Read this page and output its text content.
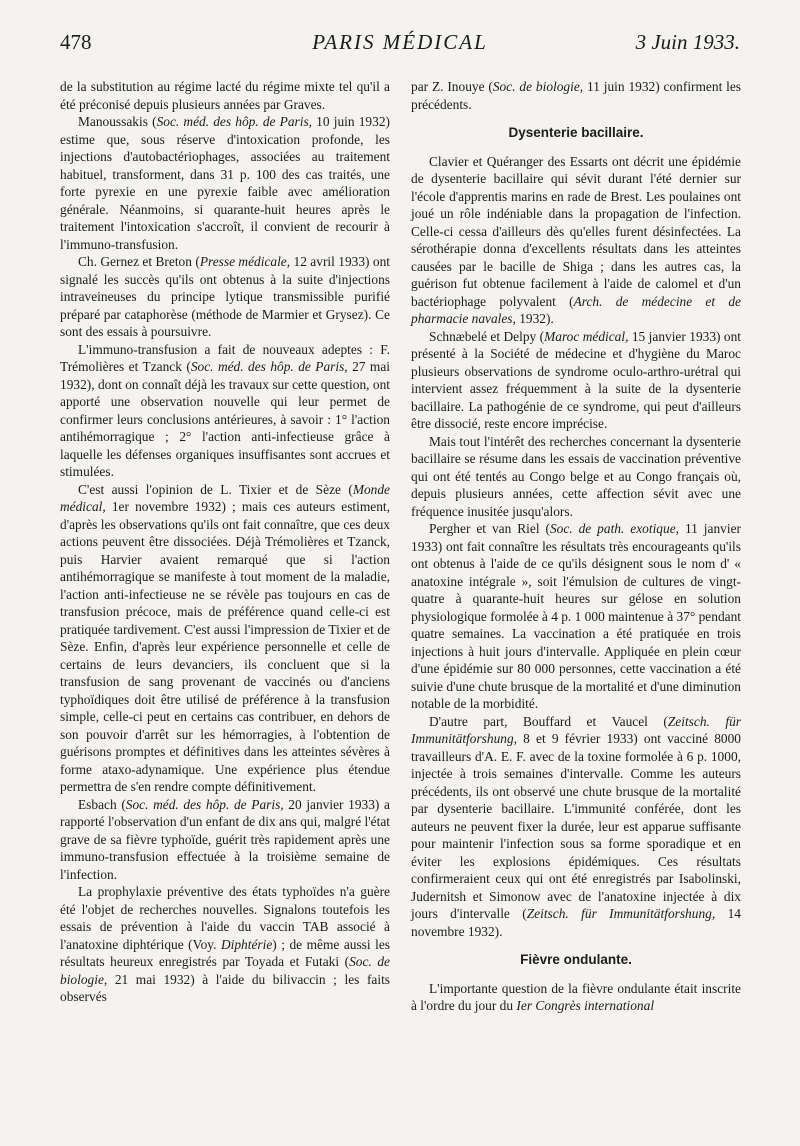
478	PARIS MÉDICAL	3 Juin 1933.

de la substitution au régime lacté du régime mixte tel qu'il a été préconisé depuis plusieurs années par Graves.

Manoussakis (Soc. méd. des hôp. de Paris, 10 juin 1932) estime que, sous réserve d'intoxication profonde, les injections d'autobactériophages, associées au traitement habituel, transforment, dans 31 p. 100 des cas traités, une forte pyrexie en une pyrexie faible avec amélioration générale. Néanmoins, si quarante-huit heures après le traitement l'intoxication s'accroît, il convient de recourir à l'immuno-transfusion.

Ch. Gernez et Breton (Presse médicale, 12 avril 1933) ont signalé les succès qu'ils ont obtenus à la suite d'injections intraveineuses du principe lytique transmissible purifié préparé par cataphorèse (méthode de Marmier et Grysez). Ce sont des essais à poursuivre.

L'immuno-transfusion a fait de nouveaux adeptes : F. Trémolières et Tzanck (Soc. méd. des hôp. de Paris, 27 mai 1932), dont on connaît déjà les travaux sur cette question, ont apporté une observation nouvelle qui leur permet de confirmer leurs conclusions antérieures, à savoir : 1° l'action antihémorragique ; 2° l'action anti-infectieuse grâce à laquelle les défenses organiques insuffisantes sont accrues et stimulées.

C'est aussi l'opinion de L. Tixier et de Sèze (Monde médical, 1er novembre 1932) ; mais ces auteurs estiment, d'après les observations qu'ils ont fait connaître, que ces deux actions peuvent être dissociées. Déjà Trémolières et Tzanck, puis Harvier avaient remarqué que si l'action antihémorragique se manifeste à tout moment de la maladie, l'action anti-infectieuse ne se révèle pas toujours en cas de transfusion précoce, mais de préférence quand celle-ci est pratiquée tardivement. C'est aussi l'impression de Tixier et de Sèze. Enfin, d'après leur expérience personnelle et celle de certains de leurs devanciers, ils concluent que si la transfusion de sang provenant de vaccinés ou d'anciens typhoïdiques doit être utilisé de préférence à la transfusion simple, celle-ci peut en certains cas contribuer, en dehors de son pouvoir d'arrêt sur les hémorragies, à l'obtention de guérisons promptes et définitives dans les atteintes sévères à forme ataxo-adynamique. Une expérience plus étendue permettra de s'en rendre compte définitivement.

Esbach (Soc. méd. des hôp. de Paris, 20 janvier 1933) a rapporté l'observation d'un enfant de dix ans qui, malgré l'état grave de sa fièvre typhoïde, guérit très rapidement après une immuno-transfusion effectuée à la troisième semaine de l'infection.

La prophylaxie préventive des états typhoïdes n'a guère été l'objet de recherches nouvelles. Signalons toutefois les essais de prévention à l'aide du vaccin TAB associé à l'anatoxine diphtérique (Voy. Diphtérie) ; de même aussi les résultats heureux enregistrés par Toyada et Futaki (Soc. de biologie, 21 mai 1932) à l'aide du bilivaccin ; les faits observés

par Z. Inouye (Soc. de biologie, 11 juin 1932) confirment les précédents.

Dysenterie bacillaire.

Clavier et Quéranger des Essarts ont décrit une épidémie de dysenterie bacillaire qui sévit durant l'été dernier sur l'école d'apprentis marins en rade de Brest. Les poulaines ont joué un rôle indéniable dans la propagation de l'infection. Celle-ci cessa d'ailleurs dès qu'elles furent désinfectées. La sérothérapie donna d'excellents résultats dans les atteintes causées par le bacille de Shiga ; dans les autres cas, la guérison fut obtenue facilement à l'aide de calomel et d'un bactériophage polyvalent (Arch. de médecine et de pharmacie navales, 1932).

Schnæbelé et Delpy (Maroc médical, 15 janvier 1933) ont présenté à la Société de médecine et d'hygiène du Maroc plusieurs observations de syndrome oculo-arthro-urétral qui intervient assez fréquemment à la suite de la dysenterie bacillaire. La pathogénie de ce syndrome, qui peut d'ailleurs être dissocié, reste encore imprécise.

Mais tout l'intérêt des recherches concernant la dysenterie bacillaire se résume dans les essais de vaccination préventive qui ont été tentés au Congo belge et au Congo français où, depuis plusieurs années, cette affection sévit avec une fréquence inusitée jusqu'alors.

Pergher et van Riel (Soc. de path. exotique, 11 janvier 1933) ont fait connaître les résultats très encourageants qu'ils ont obtenus à l'aide de ce qu'ils désignent sous le nom d' « anatoxine intégrale », soit l'émulsion de cultures de vingt-quatre à quarante-huit heures sur gélose en solution physiologique formolée à 4 p. 1 000 maintenue à 37° pendant quatre semaines. La vaccination a été pratiquée en trois injections à huit jours d'intervalle. Appliquée en plein cœur d'une épidémie sur 80 000 personnes, cette vaccination a été suivie d'une chute brusque de la mortalité et d'une diminution notable de la morbidité.

D'autre part, Bouffard et Vaucel (Zeitsch. für Immunitätforshung, 8 et 9 février 1933) ont vacciné 8000 travailleurs d'A. E. F. avec de la toxine formolée à 6 p. 1000, injectée à trois semaines d'intervalle. Comme les auteurs précédents, ils ont observé une chute brusque de la mortalité par dysenterie bacillaire. L'immunité conférée, dont les auteurs ne peuvent fixer la durée, leur est apparue suffisante pour maintenir l'infection sous sa forme sporadique et en éviter les explosions épidémiques. Ces résultats confirmeraient ceux qui ont été enregistrés par Isabolinski, Judernitsh et Simonow avec de l'anatoxine injectée à dix jours d'intervalle (Zeitsch. für Immunitätforshung, 14 novembre 1932).

Fièvre ondulante.

L'importante question de la fièvre ondulante était inscrite à l'ordre du jour du Ier Congrès international
